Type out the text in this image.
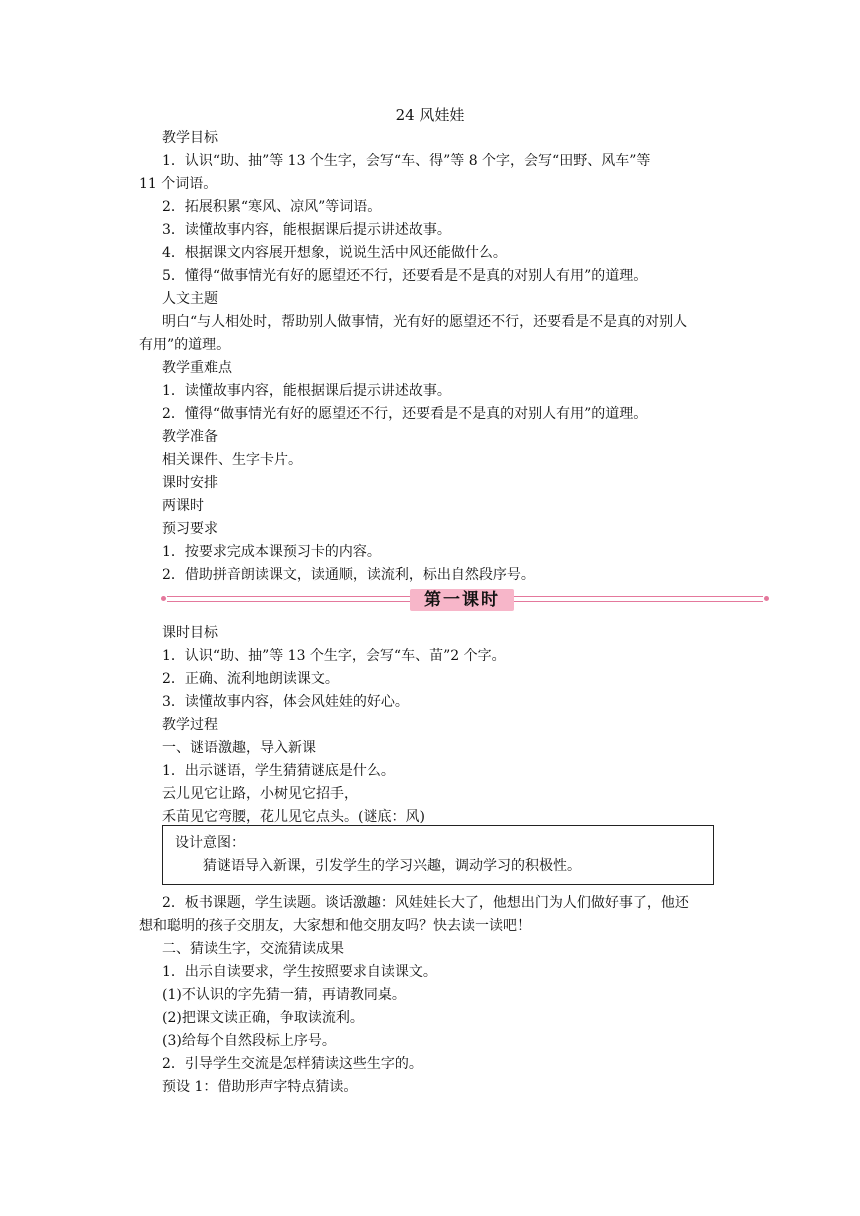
24 风娃娃
教学目标
1．认识“助、抽”等 13 个生字，会写“车、得”等 8 个字，会写“田野、风车”等
11 个词语。
2．拓展积累“寒风、凉风”等词语。
3．读懂故事内容，能根据课后提示讲述故事。
4．根据课文内容展开想象，说说生活中风还能做什么。
5．懂得“做事情光有好的愿望还不行，还要看是不是真的对别人有用”的道理。
人文主题
明白“与人相处时，帮助别人做事情，光有好的愿望还不行，还要看是不是真的对别人
有用”的道理。
教学重难点
1．读懂故事内容，能根据课后提示讲述故事。
2．懂得“做事情光有好的愿望还不行，还要看是不是真的对别人有用”的道理。
教学准备
相关课件、生字卡片。
课时安排
两课时
预习要求
1．按要求完成本课预习卡的内容。
2．借助拼音朗读课文，读通顺，读流利，标出自然段序号。
第一课时
课时目标
1．认识“助、抽”等 13 个生字，会写“车、苗”2 个字。
2．正确、流利地朗读课文。
3．读懂故事内容，体会风娃娃的好心。
教学过程
一、谜语激趣，导入新课
1．出示谜语，学生猜猜谜底是什么。
云儿见它让路，小树见它招手，
禾苗见它弯腰，花儿见它点头。(谜底：风)
设计意图：
猜谜语导入新课，引发学生的学习兴趣，调动学习的积极性。
2．板书课题，学生读题。谈话激趣：风娃娃长大了，他想出门为人们做好事了，他还
想和聪明的孩子交朋友，大家想和他交朋友吗？快去读一读吧！
二、猜读生字，交流猜读成果
1．出示自读要求，学生按照要求自读课文。
(1)不认识的字先猜一猜，再请教同桌。
(2)把课文读正确，争取读流利。
(3)给每个自然段标上序号。
2．引导学生交流是怎样猜读这些生字的。
预设 1：借助形声字特点猜读。
